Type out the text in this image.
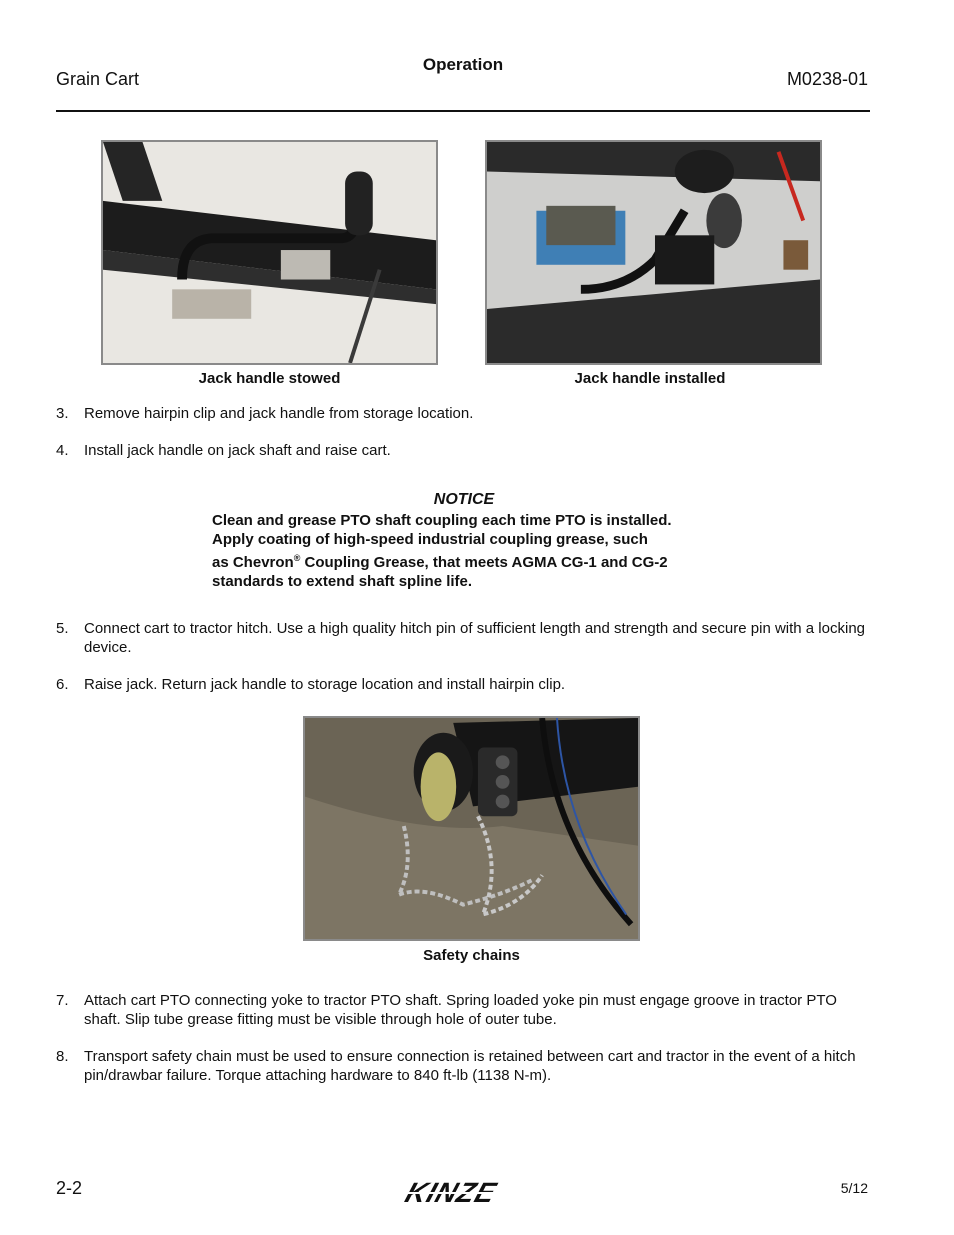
Grain Cart
Operation
M0238-01
Jack handle stowed	Jack handle installed
3.	Remove hairpin clip and jack handle from storage location.
4.	Install jack handle on jack shaft and raise cart.
NOTICE
Clean and grease PTO shaft coupling each time PTO is installed.
Apply coating of high-speed industrial coupling grease, such
as Chevron® Coupling Grease, that meets AGMA CG-1 and CG-2
standards to extend shaft spline life.
5.	Connect cart to tractor hitch. Use a high quality hitch pin of sufficient length and strength and secure pin with a locking device.
6.	Raise jack. Return jack handle to storage location and install hairpin clip.
Safety chains
7.	Attach cart PTO connecting yoke to tractor PTO shaft. Spring loaded yoke pin must engage groove in tractor PTO shaft. Slip tube grease fitting must be visible through hole of outer tube.
8.	Transport safety chain must be used to ensure connection is retained between cart and tractor in the event of a hitch pin/drawbar failure. Torque attaching hardware to 840 ft-lb (1138 N-m).
2-2	KINZE	5/12
